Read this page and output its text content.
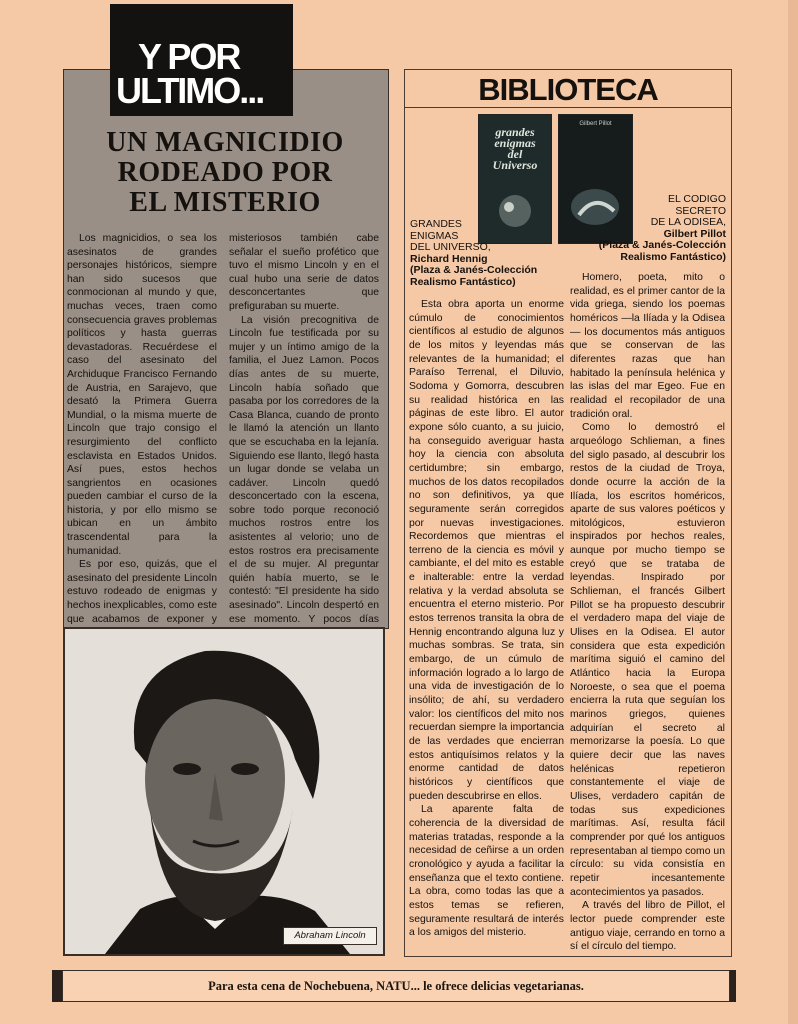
Y POR
ULTIMO...
UN MAGNICIDIO
RODEADO POR
EL MISTERIO

Los magnicidios, o sea los asesinatos de grandes personajes históricos, siempre han sido sucesos que conmocionan al mundo y que, muchas veces, traen como consecuencia graves problemas políticos y hasta guerras devastadoras. Recuérdese el caso del asesinato del Archiduque Francisco Fernando de Austria, en Sarajevo, que desató la Primera Guerra Mundial, o la misma muerte de Lincoln que trajo consigo el resurgimiento del conflicto esclavista en Estados Unidos. Así pues, estos hechos sangrientos en ocasiones pueden cambiar el curso de la historia, y por ello mismo se ubican en un ámbito trascendental para la humanidad.

Es por eso, quizás, que el asesinato del presidente Lincoln estuvo rodeado de enigmas y hechos inexplicables, como este que acabamos de exponer y

misteriosos también cabe señalar el sueño profético que tuvo el mismo Lincoln y en el cual hubo una serie de datos desconcertantes que prefiguraban su muerte.

La visión precognitiva de Lincoln fue testificada por su mujer y un íntimo amigo de la familia, el Juez Lamon. Pocos días antes de su muerte, Lincoln había soñado que pasaba por los corredores de la Casa Blanca, cuando de pronto le llamó la atención un llanto que se escuchaba en la lejanía. Siguiendo ese llanto, llegó hasta un lugar donde se velaba un cadáver. Lincoln quedó desconcertado con la escena, sobre todo porque reconoció muchos rostros entre los asistentes al velorio; uno de estos rostros era precisamente el de su mujer. Al preguntar quién había muerto, se le contestó: "El presidente ha sido asesinado". Lincoln despertó en ese momento. Y pocos días

Abraham Lincoln
BIBLIOTECA
grandes
enigmas
del
Universo
Gilbert Pillot
GRANDES
ENIGMAS
DEL UNIVERSO,
Richard Hennig
(Plaza & Janés-Colección
Realismo Fantástico)
EL CODIGO
SECRETO
DE LA ODISEA,
Gilbert Pillot
(Plaza & Janés-Colección
Realismo Fantástico)

Esta obra aporta un enorme cúmulo de conocimientos científicos al estudio de algunos de los mitos y leyendas más relevantes de la humanidad; el Paraíso Terrenal, el Diluvio, Sodoma y Gomorra, descubren su realidad histórica en las páginas de este libro. El autor expone sólo cuanto, a su juicio, ha conseguido averiguar hasta hoy la ciencia con absoluta certidumbre; sin embargo, muchos de los datos recopilados no son definitivos, ya que seguramente serán corregidos por nuevas investigaciones. Recordemos que mientras el terreno de la ciencia es móvil y cambiante, el del mito es estable e inalterable: entre la verdad relativa y la verdad absoluta se encuentra el eterno misterio. Por estos terrenos transita la obra de Hennig encontrando alguna luz y muchas sombras. Se trata, sin embargo, de un cúmulo de información logrado a lo largo de una vida de investigación de lo insólito; de ahí, su verdadero valor: los científicos del mito nos recuerdan siempre la importancia de las verdades que encierran estos antiquísimos relatos y la enorme cantidad de datos históricos y científicos que pueden descubrirse en ellos.

La aparente falta de coherencia de la diversidad de materias tratadas, responde a la necesidad de ceñirse a un orden cronológico y ayuda a facilitar la enseñanza que el texto contiene. La obra, como todas las que a estos temas se refieren, seguramente resultará de interés a los amigos del misterio.

Homero, poeta, mito o realidad, es el primer cantor de la vida griega, siendo los poemas homéricos —la Ilíada y la Odisea— los documentos más antiguos que se conservan de las diferentes razas que han habitado la península helénica y las islas del mar Egeo. Fue en realidad el recopilador de una tradición oral.

Como lo demostró el arqueólogo Schlieman, a fines del siglo pasado, al descubrir los restos de la ciudad de Troya, donde ocurre la acción de la Ilíada, los escritos homéricos, aparte de sus valores poéticos y mitológicos, estuvieron inspirados por hechos reales, aunque por mucho tiempo se creyó que se trataba de leyendas. Inspirado por Schlieman, el francés Gilbert Pillot se ha propuesto descubrir el verdadero mapa del viaje de Ulises en la Odisea. El autor considera que esta expedición marítima siguió el camino del Atlántico hacia la Europa Noroeste, o sea que el poema encierra la ruta que seguían los marinos griegos, quienes adquirían el secreto al memorizarse la poesía. Lo que quiere decir que las naves helénicas repetieron constantemente el viaje de Ulises, verdadero capitán de todas sus expediciones marítimas. Así, resulta fácil comprender por qué los antiguos representaban al tiempo como un círculo: su vida consistía en repetir incesantemente acontecimientos ya pasados.

A través del libro de Pillot, el lector puede comprender este antiguo viaje, cerrando en torno a sí el círculo del tiempo.

Para esta cena de Nochebuena, NATU... le ofrece delicias vegetarianas.
